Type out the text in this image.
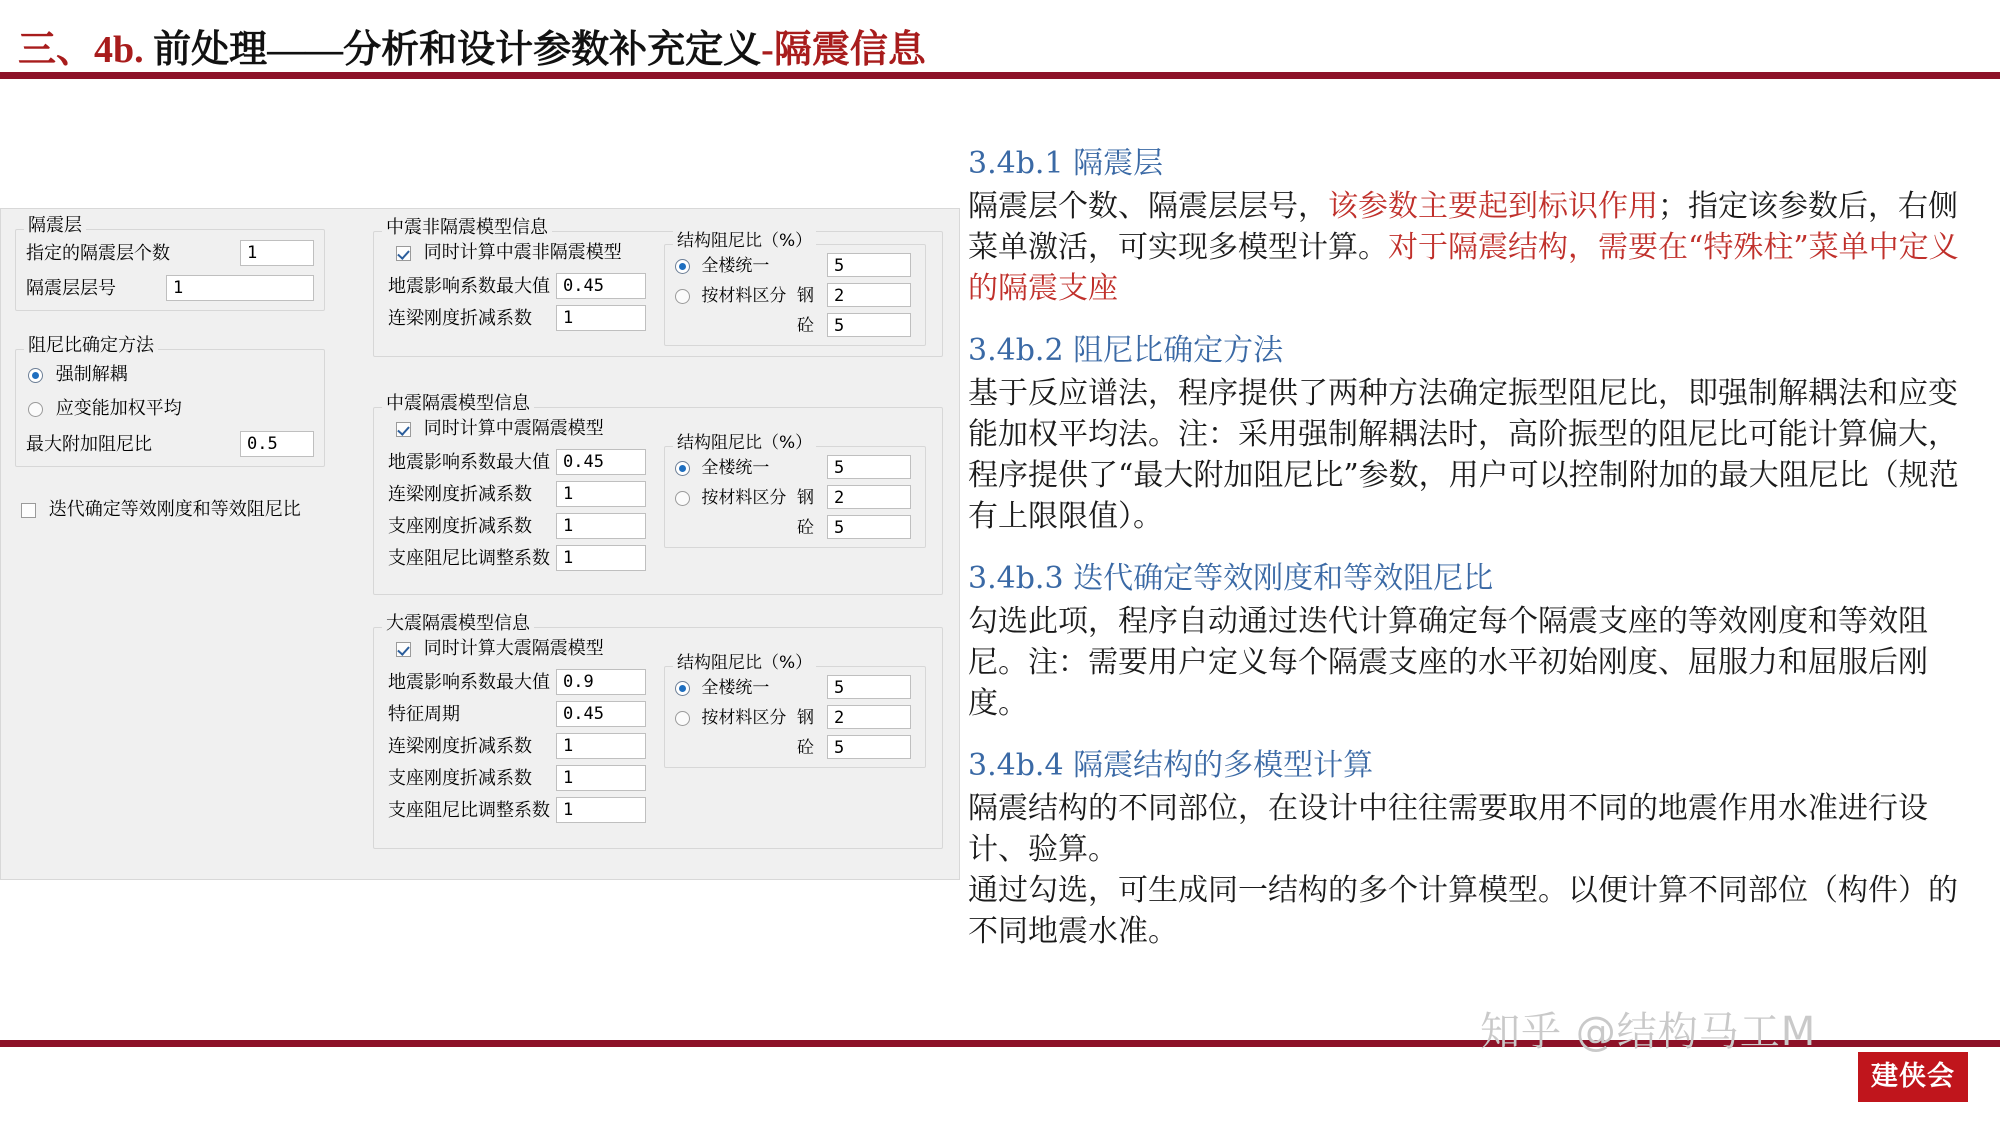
三、4b. 前处理——分析和设计参数补充定义-隔震信息
隔震层
指定的隔震层个数	1
隔震层层号	1
阻尼比确定方法
强制解耦
应变能加权平均
最大附加阻尼比	0.5
迭代确定等效刚度和等效阻尼比
中震非隔震模型信息
同时计算中震非隔震模型
地震影响系数最大值 0.45
连梁刚度折减系数	1
结构阻尼比（%）
全楼统一	5
按材料区分 钢	2
砼	5
中震隔震模型信息
同时计算中震隔震模型
地震影响系数最大值 0.45
连梁刚度折减系数	1
支座刚度折减系数	1
支座阻尼比调整系数 1
结构阻尼比（%）
全楼统一	5
按材料区分 钢	2
砼	5
大震隔震模型信息
同时计算大震隔震模型
地震影响系数最大值 0.9
特征周期	0.45
连梁刚度折减系数	1
支座刚度折减系数	1
支座阻尼比调整系数 1
结构阻尼比（%）
全楼统一	5
按材料区分 钢	2
砼	5
3.4b.1 隔震层
隔震层个数、隔震层层号，该参数主要起到标识作用；指定该参数后，右侧菜单激活，可实现多模型计算。对于隔震结构，需要在“特殊柱”菜单中定义的隔震支座
3.4b.2 阻尼比确定方法
基于反应谱法，程序提供了两种方法确定振型阻尼比，即强制解耦法和应变能加权平均法。注：采用强制解耦法时，高阶振型的阻尼比可能计算偏大，程序提供了“最大附加阻尼比”参数，用户可以控制附加的最大阻尼比（规范有上限限值）。
3.4b.3 迭代确定等效刚度和等效阻尼比
勾选此项，程序自动通过迭代计算确定每个隔震支座的等效刚度和等效阻尼。注：需要用户定义每个隔震支座的水平初始刚度、屈服力和屈服后刚度。
3.4b.4 隔震结构的多模型计算
隔震结构的不同部位，在设计中往往需要取用不同的地震作用水准进行设计、验算。
通过勾选，可生成同一结构的多个计算模型。以便计算不同部位（构件）的不同地震水准。
知乎 @结构马工M
建侠会
